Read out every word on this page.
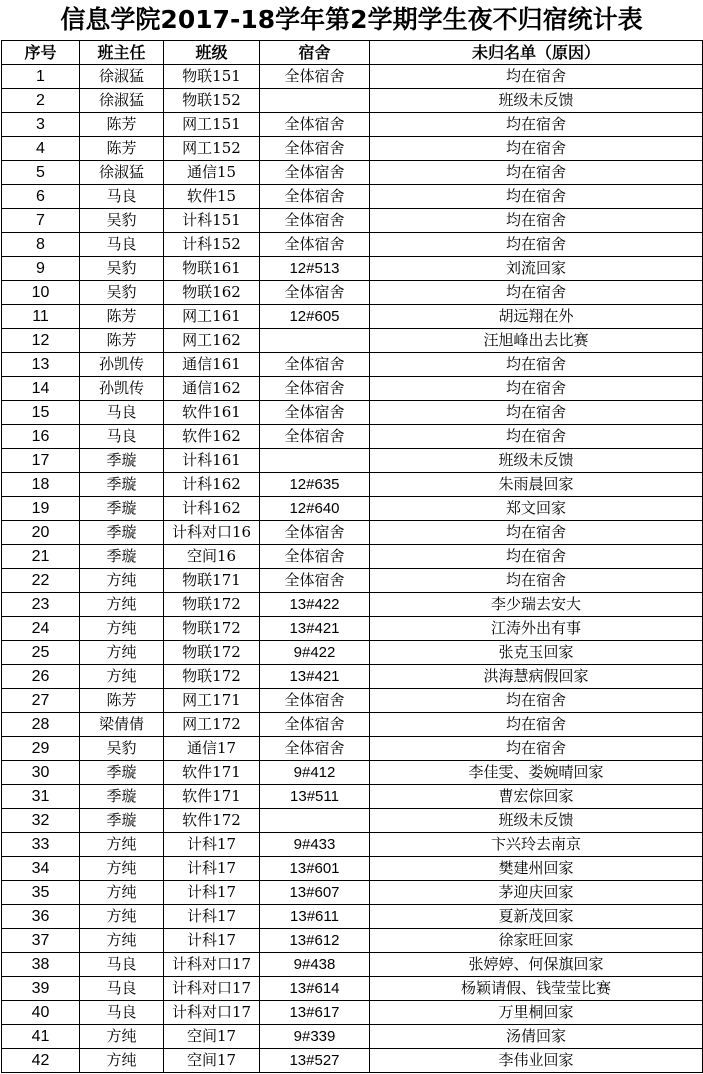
信息学院2017-18学年第2学期学生夜不归宿统计表
序号	班主任	班级	宿舍	未归名单（原因）
1	徐淑猛	物联151	全体宿舍	均在宿舍
2	徐淑猛	物联152		班级未反馈
3	陈芳	网工151	全体宿舍	均在宿舍
4	陈芳	网工152	全体宿舍	均在宿舍
5	徐淑猛	通信15	全体宿舍	均在宿舍
6	马良	软件15	全体宿舍	均在宿舍
7	吴豹	计科151	全体宿舍	均在宿舍
8	马良	计科152	全体宿舍	均在宿舍
9	吴豹	物联161	12#513	刘流回家
10	吴豹	物联162	全体宿舍	均在宿舍
11	陈芳	网工161	12#605	胡远翔在外
12	陈芳	网工162		汪旭峰出去比赛
13	孙凯传	通信161	全体宿舍	均在宿舍
14	孙凯传	通信162	全体宿舍	均在宿舍
15	马良	软件161	全体宿舍	均在宿舍
16	马良	软件162	全体宿舍	均在宿舍
17	季璇	计科161		班级未反馈
18	季璇	计科162	12#635	朱雨晨回家
19	季璇	计科162	12#640	郑文回家
20	季璇	计科对口16	全体宿舍	均在宿舍
21	季璇	空间16	全体宿舍	均在宿舍
22	方纯	物联171	全体宿舍	均在宿舍
23	方纯	物联172	13#422	李少瑞去安大
24	方纯	物联172	13#421	江涛外出有事
25	方纯	物联172	9#422	张克玉回家
26	方纯	物联172	13#421	洪海慧病假回家
27	陈芳	网工171	全体宿舍	均在宿舍
28	梁倩倩	网工172	全体宿舍	均在宿舍
29	吴豹	通信17	全体宿舍	均在宿舍
30	季璇	软件171	9#412	李佳雯、娄婉晴回家
31	季璇	软件171	13#511	曹宏倧回家
32	季璇	软件172		班级未反馈
33	方纯	计科17	9#433	卞兴玲去南京
34	方纯	计科17	13#601	樊建州回家
35	方纯	计科17	13#607	茅迎庆回家
36	方纯	计科17	13#611	夏新茂回家
37	方纯	计科17	13#612	徐家旺回家
38	马良	计科对口17	9#438	张婷婷、何保旗回家
39	马良	计科对口17	13#614	杨颖请假、钱莹莹比赛
40	马良	计科对口17	13#617	万里桐回家
41	方纯	空间17	9#339	汤倩回家
42	方纯	空间17	13#527	李伟业回家
